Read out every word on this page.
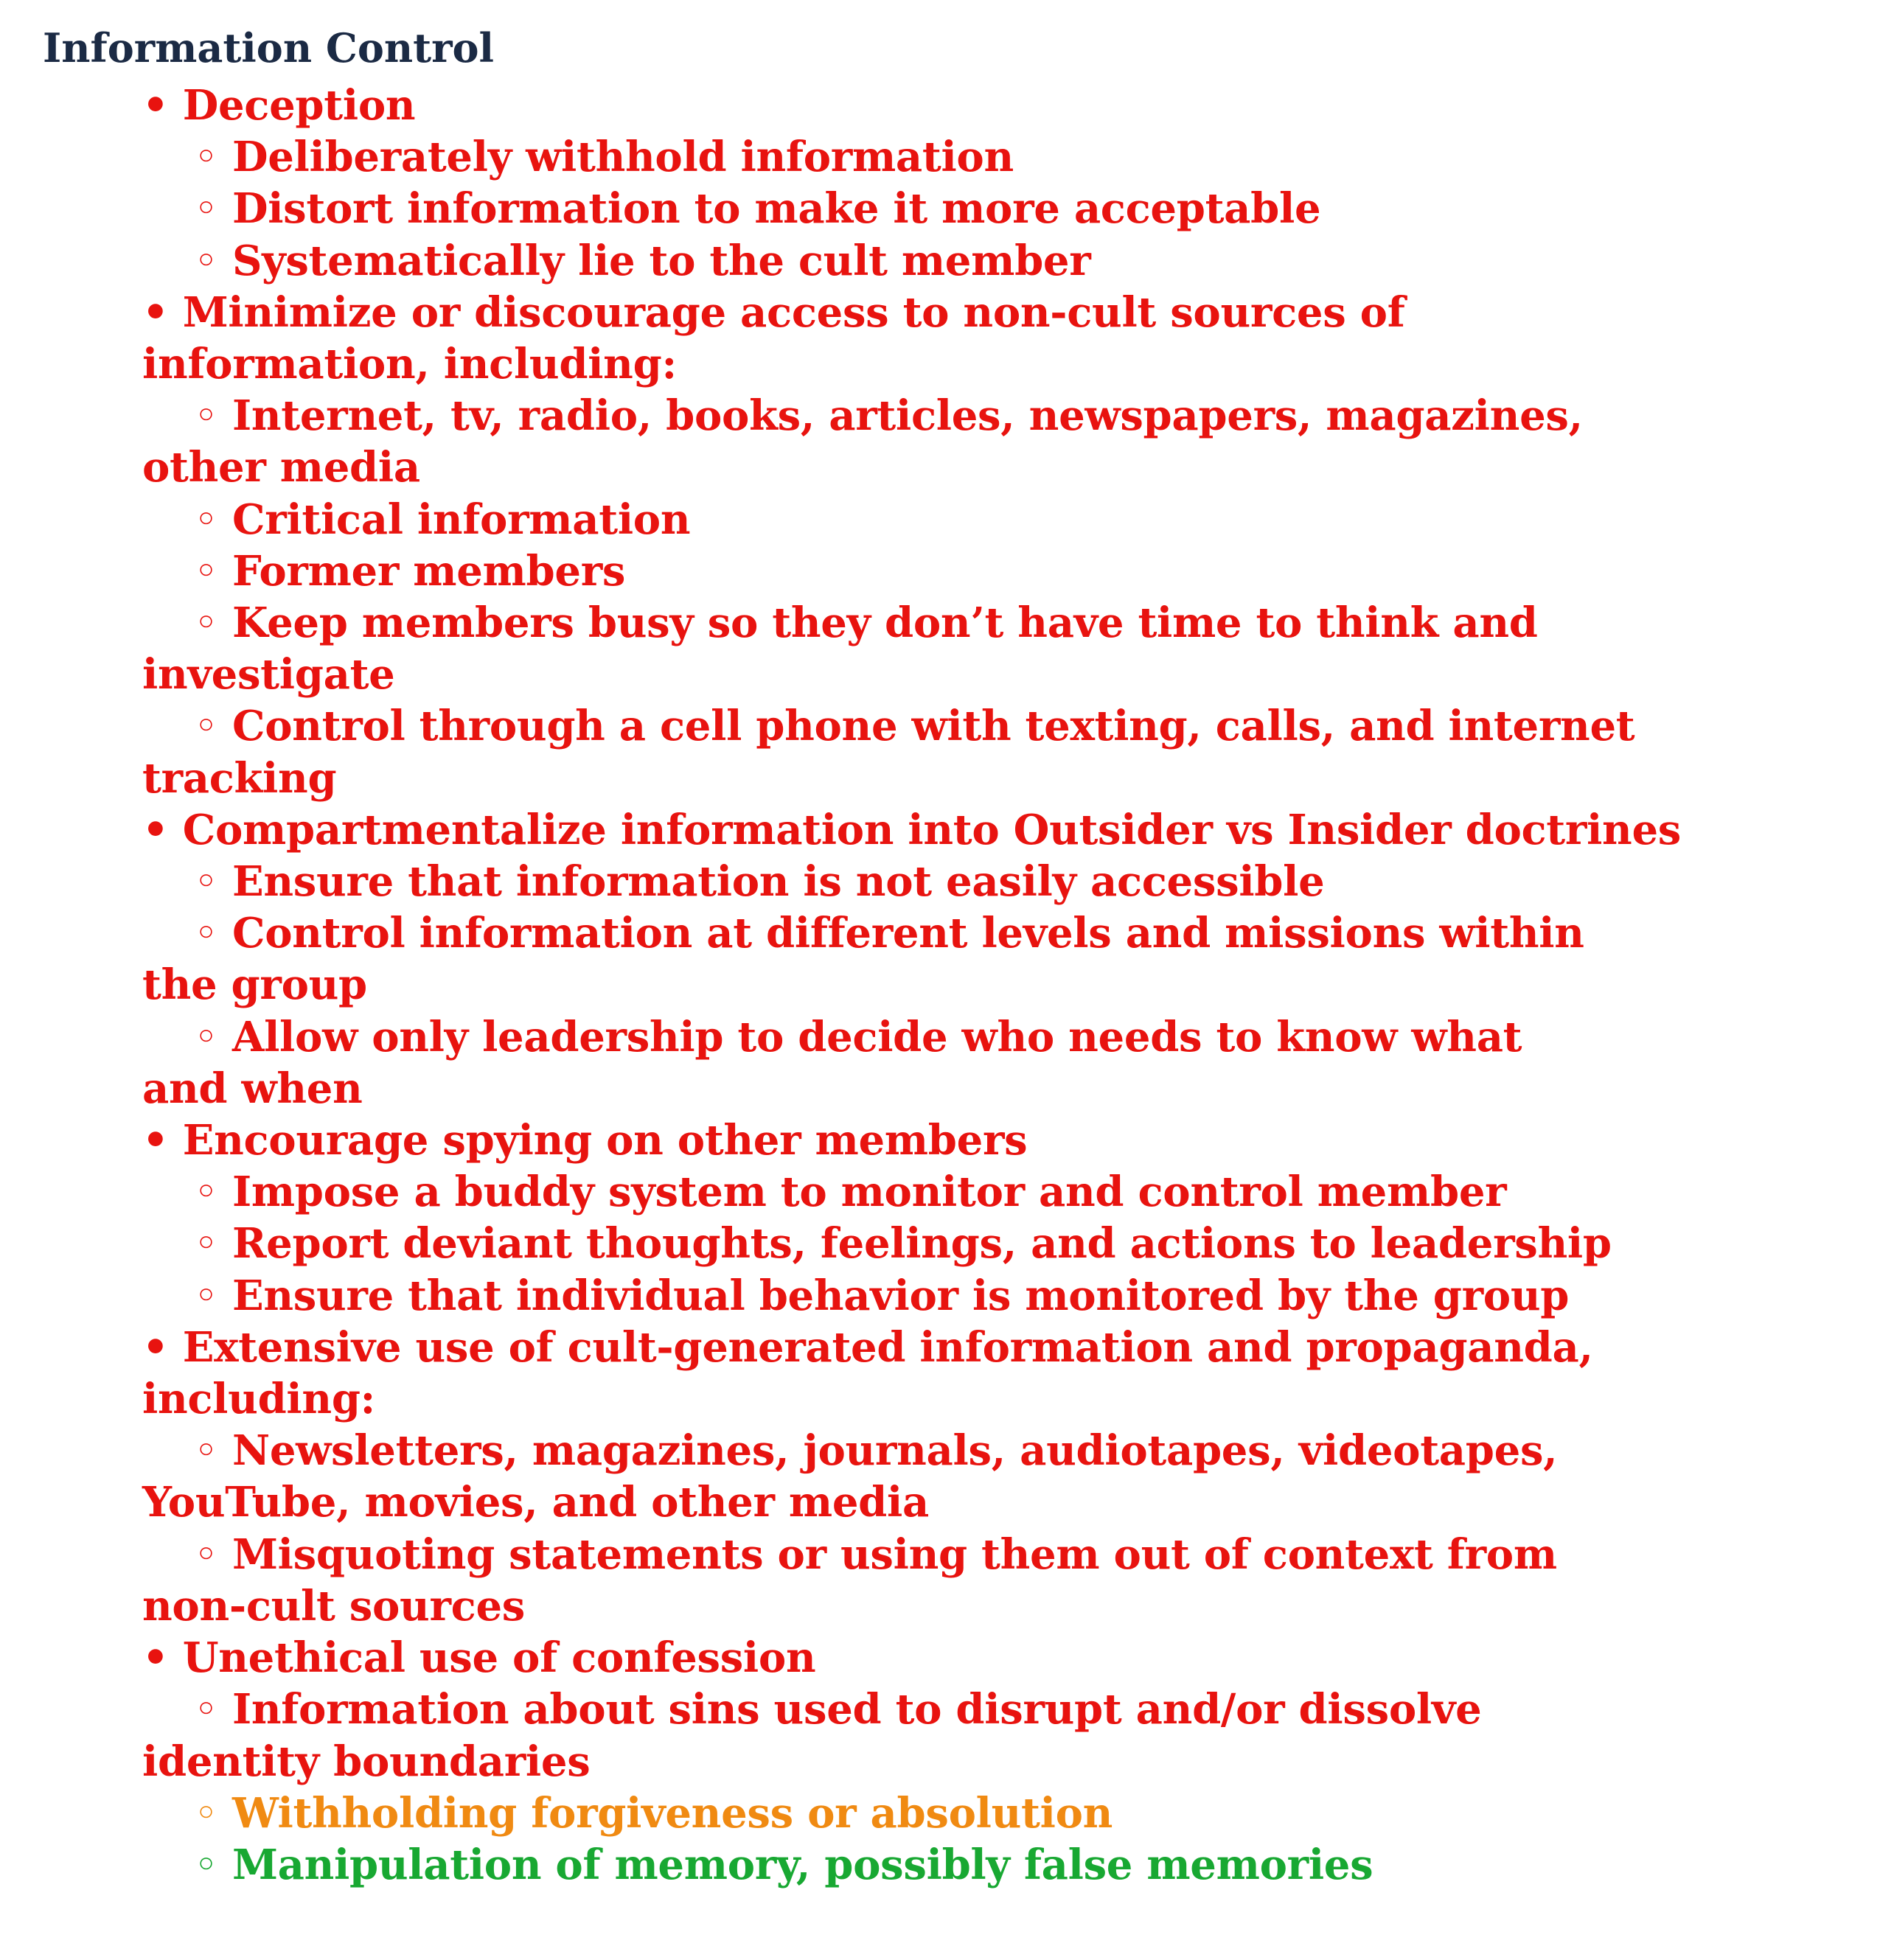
Information Control
• Deception
◦ Deliberately withhold information
◦ Distort information to make it more acceptable
◦ Systematically lie to the cult member
• Minimize or discourage access to non-cult sources of
information, including:
◦ Internet, tv, radio, books, articles, newspapers, magazines,
other media
◦ Critical information
◦ Former members
◦ Keep members busy so they don’t have time to think and
investigate
◦ Control through a cell phone with texting, calls, and internet
tracking
• Compartmentalize information into Outsider vs Insider doctrines
◦ Ensure that information is not easily accessible
◦ Control information at different levels and missions within
the group
◦ Allow only leadership to decide who needs to know what
and when
• Encourage spying on other members
◦ Impose a buddy system to monitor and control member
◦ Report deviant thoughts, feelings, and actions to leadership
◦ Ensure that individual behavior is monitored by the group
• Extensive use of cult-generated information and propaganda,
including:
◦ Newsletters, magazines, journals, audiotapes, videotapes,
YouTube, movies, and other media
◦ Misquoting statements or using them out of context from
non-cult sources
• Unethical use of confession
◦ Information about sins used to disrupt and/or dissolve
identity boundaries
◦ Withholding forgiveness or absolution
◦ Manipulation of memory, possibly false memories
